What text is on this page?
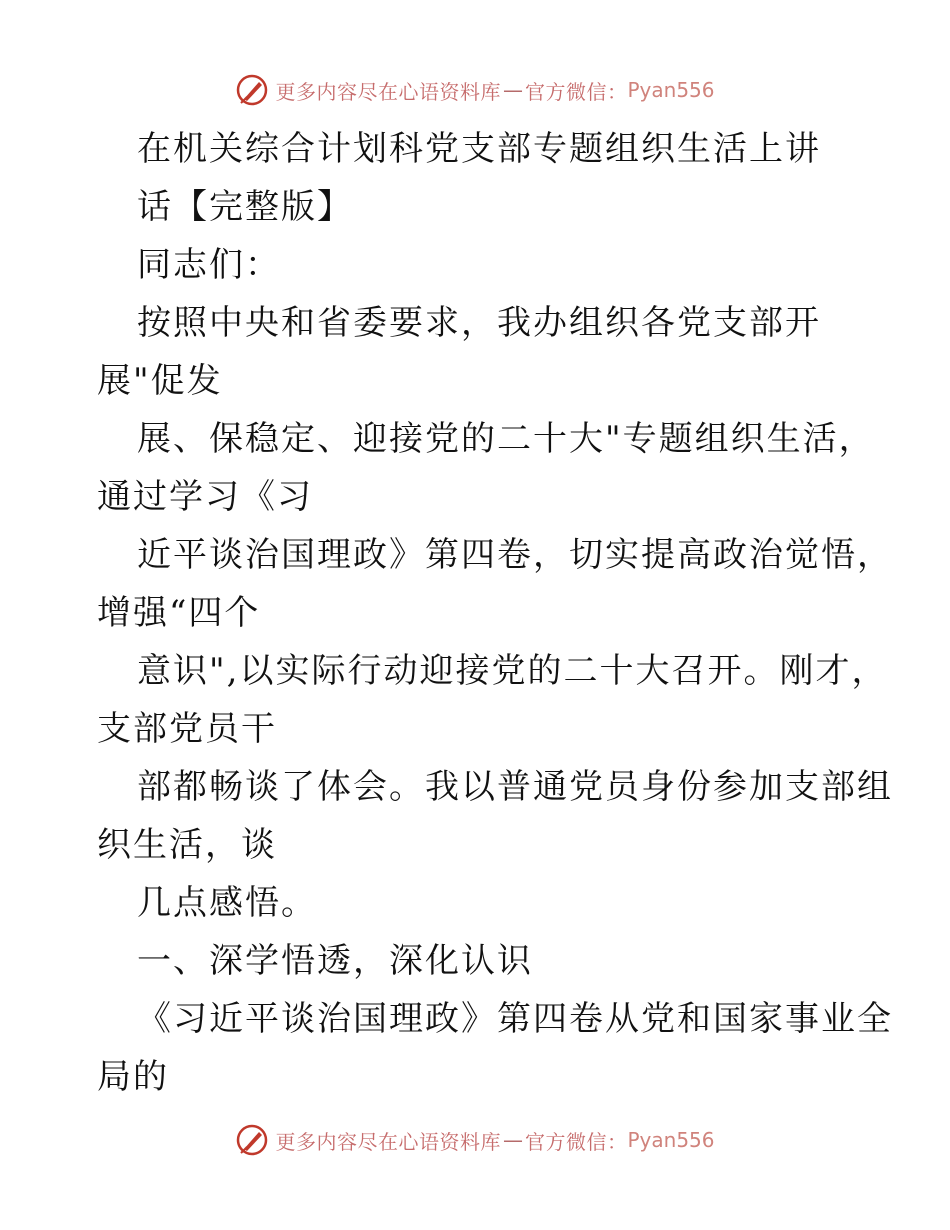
更多内容尽在心语资料库 — 官方微信： Pyan556
在机关综合计划科党支部专题组织生活上讲
话【完整版】
同志们：
按照中央和省委要求，我办组织各党支部开
展"促发
展、保稳定、迎接党的二十大"专题组织生活，
通过学习《习
近平谈治国理政》第四卷，切实提高政治觉悟，
增强“四个
意识",以实际行动迎接党的二十大召开。刚才，
支部党员干
部都畅谈了体会。我以普通党员身份参加支部组
织生活，谈
几点感悟。
一、深学悟透，深化认识
《习近平谈治国理政》第四卷从党和国家事业全
局的
更多内容尽在心语资料库 — 官方微信： Pyan556
